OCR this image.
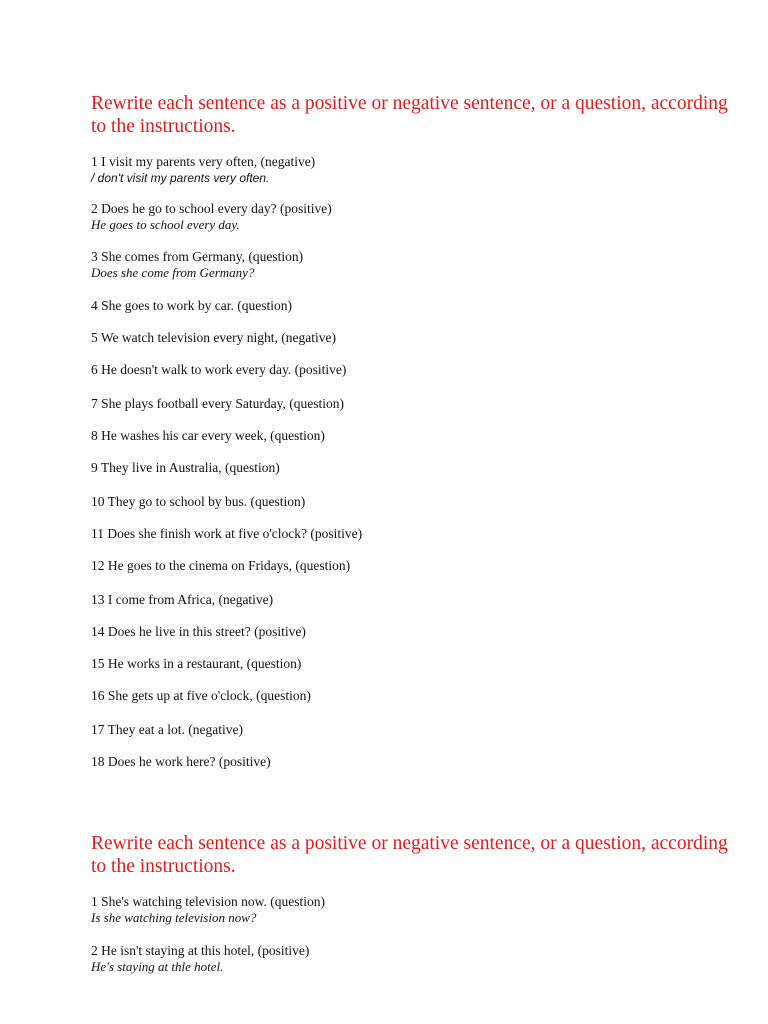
Rewrite each sentence as a positive or negative sentence, or a question, according to the instructions.
1 I visit my parents very often, (negative)
/ don't visit my parents very often.
2 Does he go to school every day? (positive)
He goes to school every day.
3 She comes from Germany, (question)
Does she come from Germany?
4 She goes to work by car. (question)
5 We watch television every night, (negative)
6 He doesn't walk to work every day. (positive)
7 She plays football every Saturday, (question)
8 He washes his car every week, (question)
9 They live in Australia, (question)
10 They go to school by bus. (question)
11 Does she finish work at five o'clock? (positive)
12 He goes to the cinema on Fridays, (question)
13 I come from Africa, (negative)
14 Does he live in this street? (positive)
15 He works in a restaurant, (question)
16 She gets up at five o'clock, (question)
17 They eat a lot. (negative)
18 Does he work here? (positive)
Rewrite each sentence as a positive or negative sentence, or a question, according to the instructions.
1 She's watching television now. (question)
Is she watching television now?
2 He isn't staying at this hotel, (positive)
He's staying at thle hotel.
